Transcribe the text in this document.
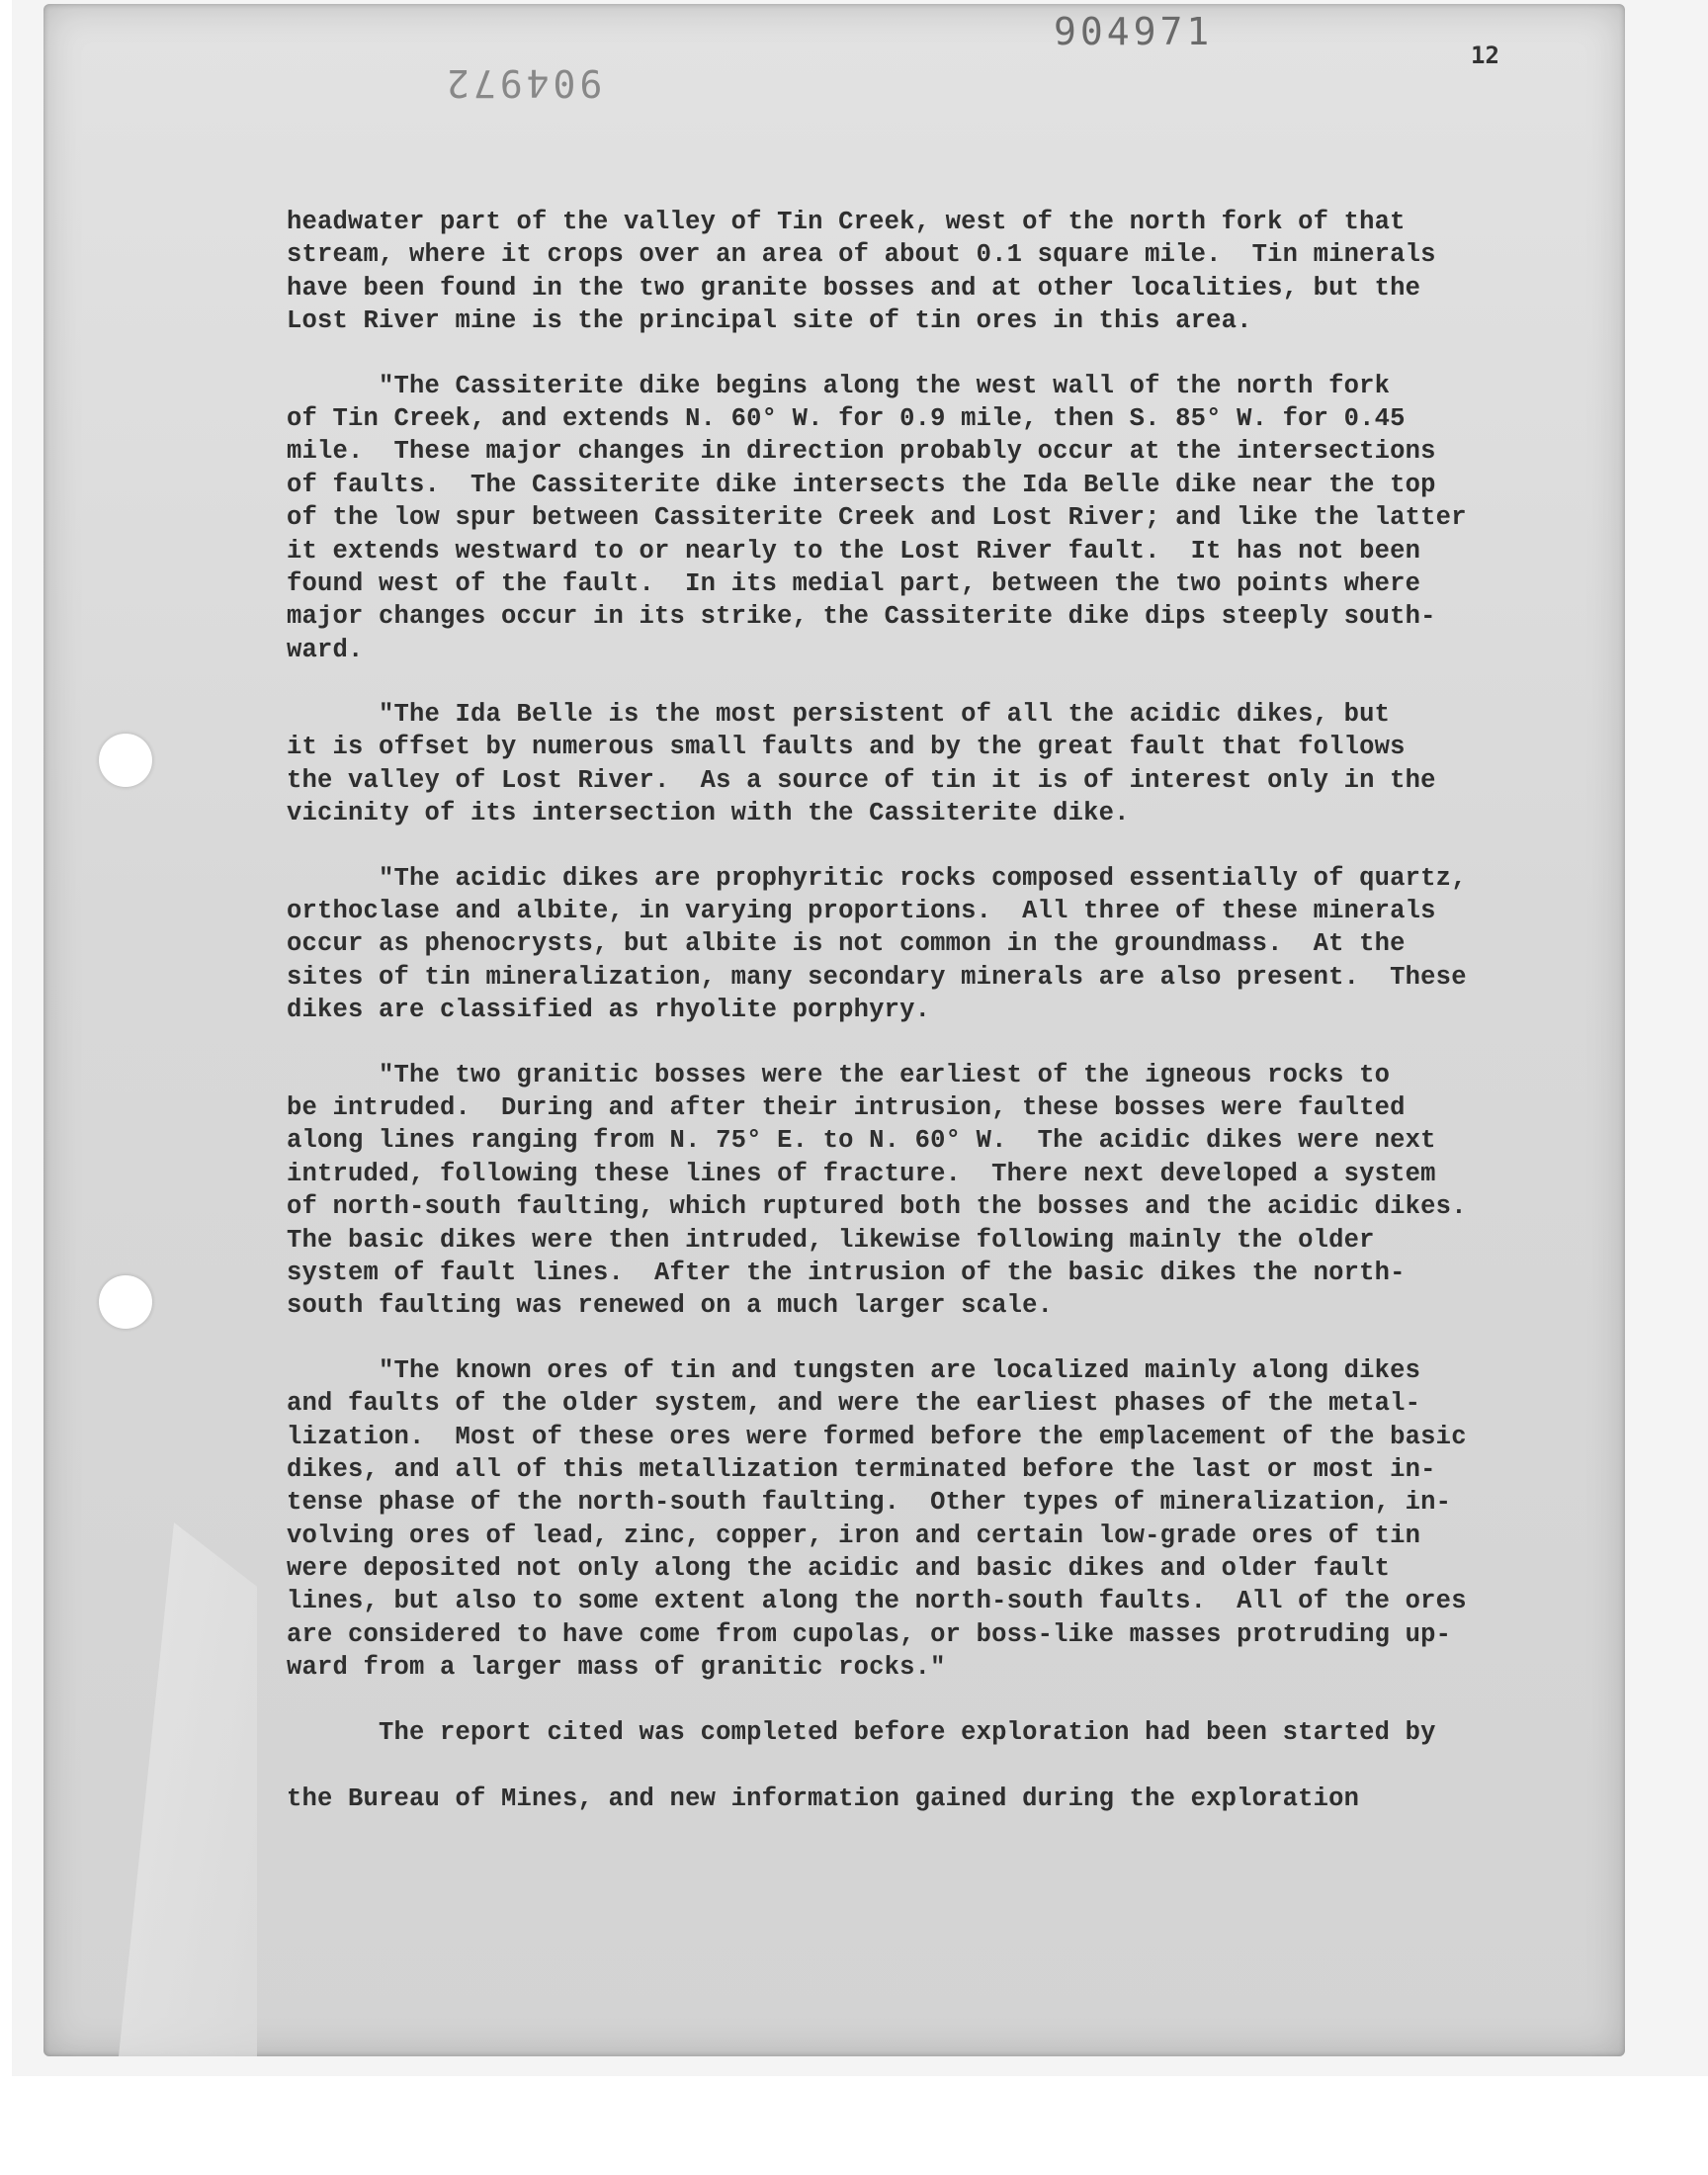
904971
904972
12
headwater part of the valley of Tin Creek, west of the north fork of that
stream, where it crops over an area of about 0.1 square mile.  Tin minerals
have been found in the two granite bosses and at other localities, but the
Lost River mine is the principal site of tin ores in this area.
"The Cassiterite dike begins along the west wall of the north fork
of Tin Creek, and extends N. 60° W. for 0.9 mile, then S. 85° W. for 0.45
mile.  These major changes in direction probably occur at the intersections
of faults.  The Cassiterite dike intersects the Ida Belle dike near the top
of the low spur between Cassiterite Creek and Lost River; and like the latter
it extends westward to or nearly to the Lost River fault.  It has not been
found west of the fault.  In its medial part, between the two points where
major changes occur in its strike, the Cassiterite dike dips steeply south-
ward.
"The Ida Belle is the most persistent of all the acidic dikes, but
it is offset by numerous small faults and by the great fault that follows
the valley of Lost River.  As a source of tin it is of interest only in the
vicinity of its intersection with the Cassiterite dike.
"The acidic dikes are prophyritic rocks composed essentially of quartz,
orthoclase and albite, in varying proportions.  All three of these minerals
occur as phenocrysts, but albite is not common in the groundmass.  At the
sites of tin mineralization, many secondary minerals are also present.  These
dikes are classified as rhyolite porphyry.
"The two granitic bosses were the earliest of the igneous rocks to
be intruded.  During and after their intrusion, these bosses were faulted
along lines ranging from N. 75° E. to N. 60° W.  The acidic dikes were next
intruded, following these lines of fracture.  There next developed a system
of north-south faulting, which ruptured both the bosses and the acidic dikes.
The basic dikes were then intruded, likewise following mainly the older
system of fault lines.  After the intrusion of the basic dikes the north-
south faulting was renewed on a much larger scale.
"The known ores of tin and tungsten are localized mainly along dikes
and faults of the older system, and were the earliest phases of the metal-
lization.  Most of these ores were formed before the emplacement of the basic
dikes, and all of this metallization terminated before the last or most in-
tense phase of the north-south faulting.  Other types of mineralization, in-
volving ores of lead, zinc, copper, iron and certain low-grade ores of tin
were deposited not only along the acidic and basic dikes and older fault
lines, but also to some extent along the north-south faults.  All of the ores
are considered to have come from cupolas, or boss-like masses protruding up-
ward from a larger mass of granitic rocks."
The report cited was completed before exploration had been started by
the Bureau of Mines, and new information gained during the exploration
